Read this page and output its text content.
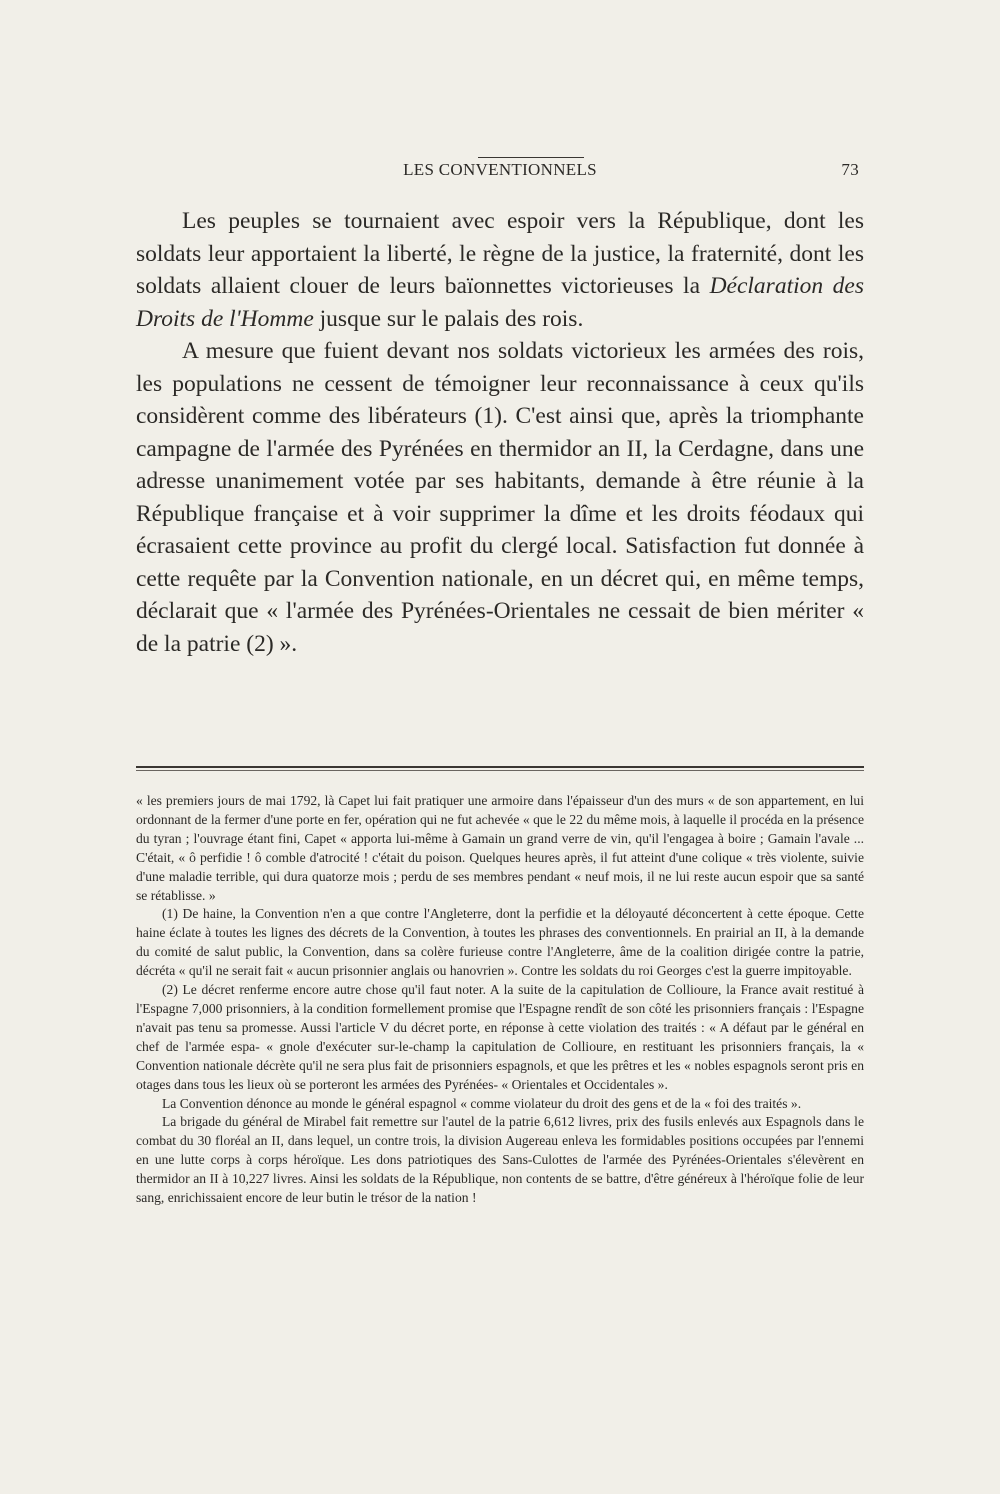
LES CONVENTIONNELS	73

Les peuples se tournaient avec espoir vers la République, dont les soldats leur apportaient la liberté, le règne de la justice, la fraternité, dont les soldats allaient clouer de leurs baïonnettes victorieuses la Déclaration des Droits de l'Homme jusque sur le palais des rois.

A mesure que fuient devant nos soldats victorieux les armées des rois, les populations ne cessent de témoigner leur reconnaissance à ceux qu'ils considèrent comme des libérateurs (1). C'est ainsi que, après la triomphante campagne de l'armée des Pyrénées en thermidor an II, la Cerdagne, dans une adresse unanimement votée par ses habitants, demande à être réunie à la République française et à voir supprimer la dîme et les droits féodaux qui écrasaient cette province au profit du clergé local. Satisfaction fut donnée à cette requête par la Convention nationale, en un décret qui, en même temps, déclarait que « l'armée des Pyrénées-Orientales ne cessait de bien mériter « de la patrie (2) ».

« les premiers jours de mai 1792, là Capet lui fait pratiquer une armoire dans l'épaisseur d'un des murs « de son appartement, en lui ordonnant de la fermer d'une porte en fer, opération qui ne fut achevée « que le 22 du même mois, à laquelle il procéda en la présence du tyran ; l'ouvrage étant fini, Capet « apporta lui-même à Gamain un grand verre de vin, qu'il l'engagea à boire ; Gamain l'avale ... C'était, « ô perfidie ! ô comble d'atrocité ! c'était du poison. Quelques heures après, il fut atteint d'une colique « très violente, suivie d'une maladie terrible, qui dura quatorze mois ; perdu de ses membres pendant « neuf mois, il ne lui reste aucun espoir que sa santé se rétablisse. »

(1) De haine, la Convention n'en a que contre l'Angleterre, dont la perfidie et la déloyauté déconcertent à cette époque. Cette haine éclate à toutes les lignes des décrets de la Convention, à toutes les phrases des conventionnels. En prairial an II, à la demande du comité de salut public, la Convention, dans sa colère furieuse contre l'Angleterre, âme de la coalition dirigée contre la patrie, décréta « qu'il ne serait fait « aucun prisonnier anglais ou hanovrien ». Contre les soldats du roi Georges c'est la guerre impitoyable.

(2) Le décret renferme encore autre chose qu'il faut noter. A la suite de la capitulation de Collioure, la France avait restitué à l'Espagne 7,000 prisonniers, à la condition formellement promise que l'Espagne rendît de son côté les prisonniers français : l'Espagne n'avait pas tenu sa promesse. Aussi l'article V du décret porte, en réponse à cette violation des traités : « A défaut par le général en chef de l'armée espa- « gnole d'exécuter sur-le-champ la capitulation de Collioure, en restituant les prisonniers français, la « Convention nationale décrète qu'il ne sera plus fait de prisonniers espagnols, et que les prêtres et les « nobles espagnols seront pris en otages dans tous les lieux où se porteront les armées des Pyrénées- « Orientales et Occidentales ».

La Convention dénonce au monde le général espagnol « comme violateur du droit des gens et de la « foi des traités ».

La brigade du général de Mirabel fait remettre sur l'autel de la patrie 6,612 livres, prix des fusils enlevés aux Espagnols dans le combat du 30 floréal an II, dans lequel, un contre trois, la division Augereau enleva les formidables positions occupées par l'ennemi en une lutte corps à corps héroïque. Les dons patriotiques des Sans-Culottes de l'armée des Pyrénées-Orientales s'élevèrent en thermidor an II à 10,227 livres. Ainsi les soldats de la République, non contents de se battre, d'être généreux à l'héroïque folie de leur sang, enrichissaient encore de leur butin le trésor de la nation !
